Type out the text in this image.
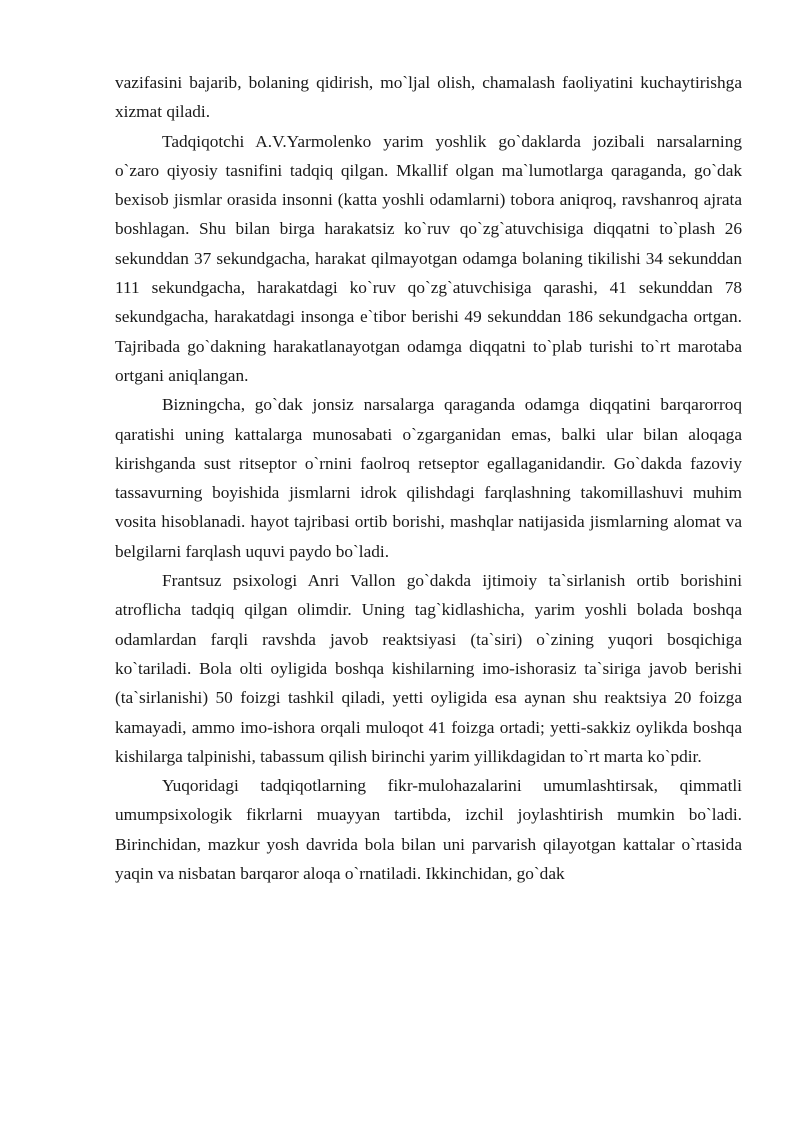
vazifasini bajarib, bolaning qidirish, mo`ljal olish, chamalash faoliyatini kuchaytirishga xizmat qiladi.

Tadqiqotchi A.V.Yarmolenko yarim yoshlik go`daklarda jozibali narsalarning o`zaro qiyosiy tasnifini tadqiq qilgan. Mkallif olgan ma`lumotlarga qaraganda, go`dak bexisob jismlar orasida insonni (katta yoshli odamlarni) tobora aniqroq, ravshanroq ajrata boshlagan. Shu bilan birga harakatsiz ko`ruv qo`zg`atuvchisiga diqqatni to`plash 26 sekunddan 37 sekundgacha, harakat qilmayotgan odamga bolaning tikilishi 34 sekunddan 111 sekundgacha, harakatdagi ko`ruv qo`zg`atuvchisiga qarashi, 41 sekunddan 78 sekundgacha, harakatdagi insonga e`tibor berishi 49 sekunddan 186 sekundgacha ortgan. Tajribada go`dakning harakatlanayotgan odamga diqqatni to`plab turishi to`rt marotaba ortgani aniqlangan.

Bizningcha, go`dak jonsiz narsalarga qaraganda odamga diqqatini barqarorroq qaratishi uning kattalarga munosabati o`zgarganidan emas, balki ular bilan aloqaga kirishganda sust ritseptor o`rnini faolroq retseptor egallaganidandir. Go`dakda fazoviy tassavurning boyishida jismlarni idrok qilishdagi farqlashning takomillashuvi muhim vosita hisoblanadi. hayot tajribasi ortib borishi, mashqlar natijasida jismlarning alomat va belgilarni farqlash uquvi paydo bo`ladi.

Frantsuz psixologi Anri Vallon go`dakda ijtimoiy ta`sirlanish ortib borishini atroflicha tadqiq qilgan olimdir. Uning tag`kidlashicha, yarim yoshli bolada boshqa odamlardan farqli ravshda javob reaktsiyasi (ta`siri) o`zining yuqori bosqichiga ko`tariladi. Bola olti oyligida boshqa kishilarning imo-ishorasiz ta`siriga javob berishi (ta`sirlanishi) 50 foizgi tashkil qiladi, yetti oyligida esa aynan shu reaktsiya 20 foizga kamayadi, ammo imo-ishora orqali muloqot 41 foizga ortadi; yetti-sakkiz oylikda boshqa kishilarga talpinishi, tabassum qilish birinchi yarim yillikdagidan to`rt marta ko`pdir.

Yuqoridagi tadqiqotlarning fikr-mulohazalarini umumlashtirsak, qimmatli umumpsixologik fikrlarni muayyan tartibda, izchil joylashtirish mumkin bo`ladi. Birinchidan, mazkur yosh davrida bola bilan uni parvarish qilayotgan kattalar o`rtasida yaqin va nisbatan barqaror aloqa o`rnatiladi. Ikkinchidan, go`dak
